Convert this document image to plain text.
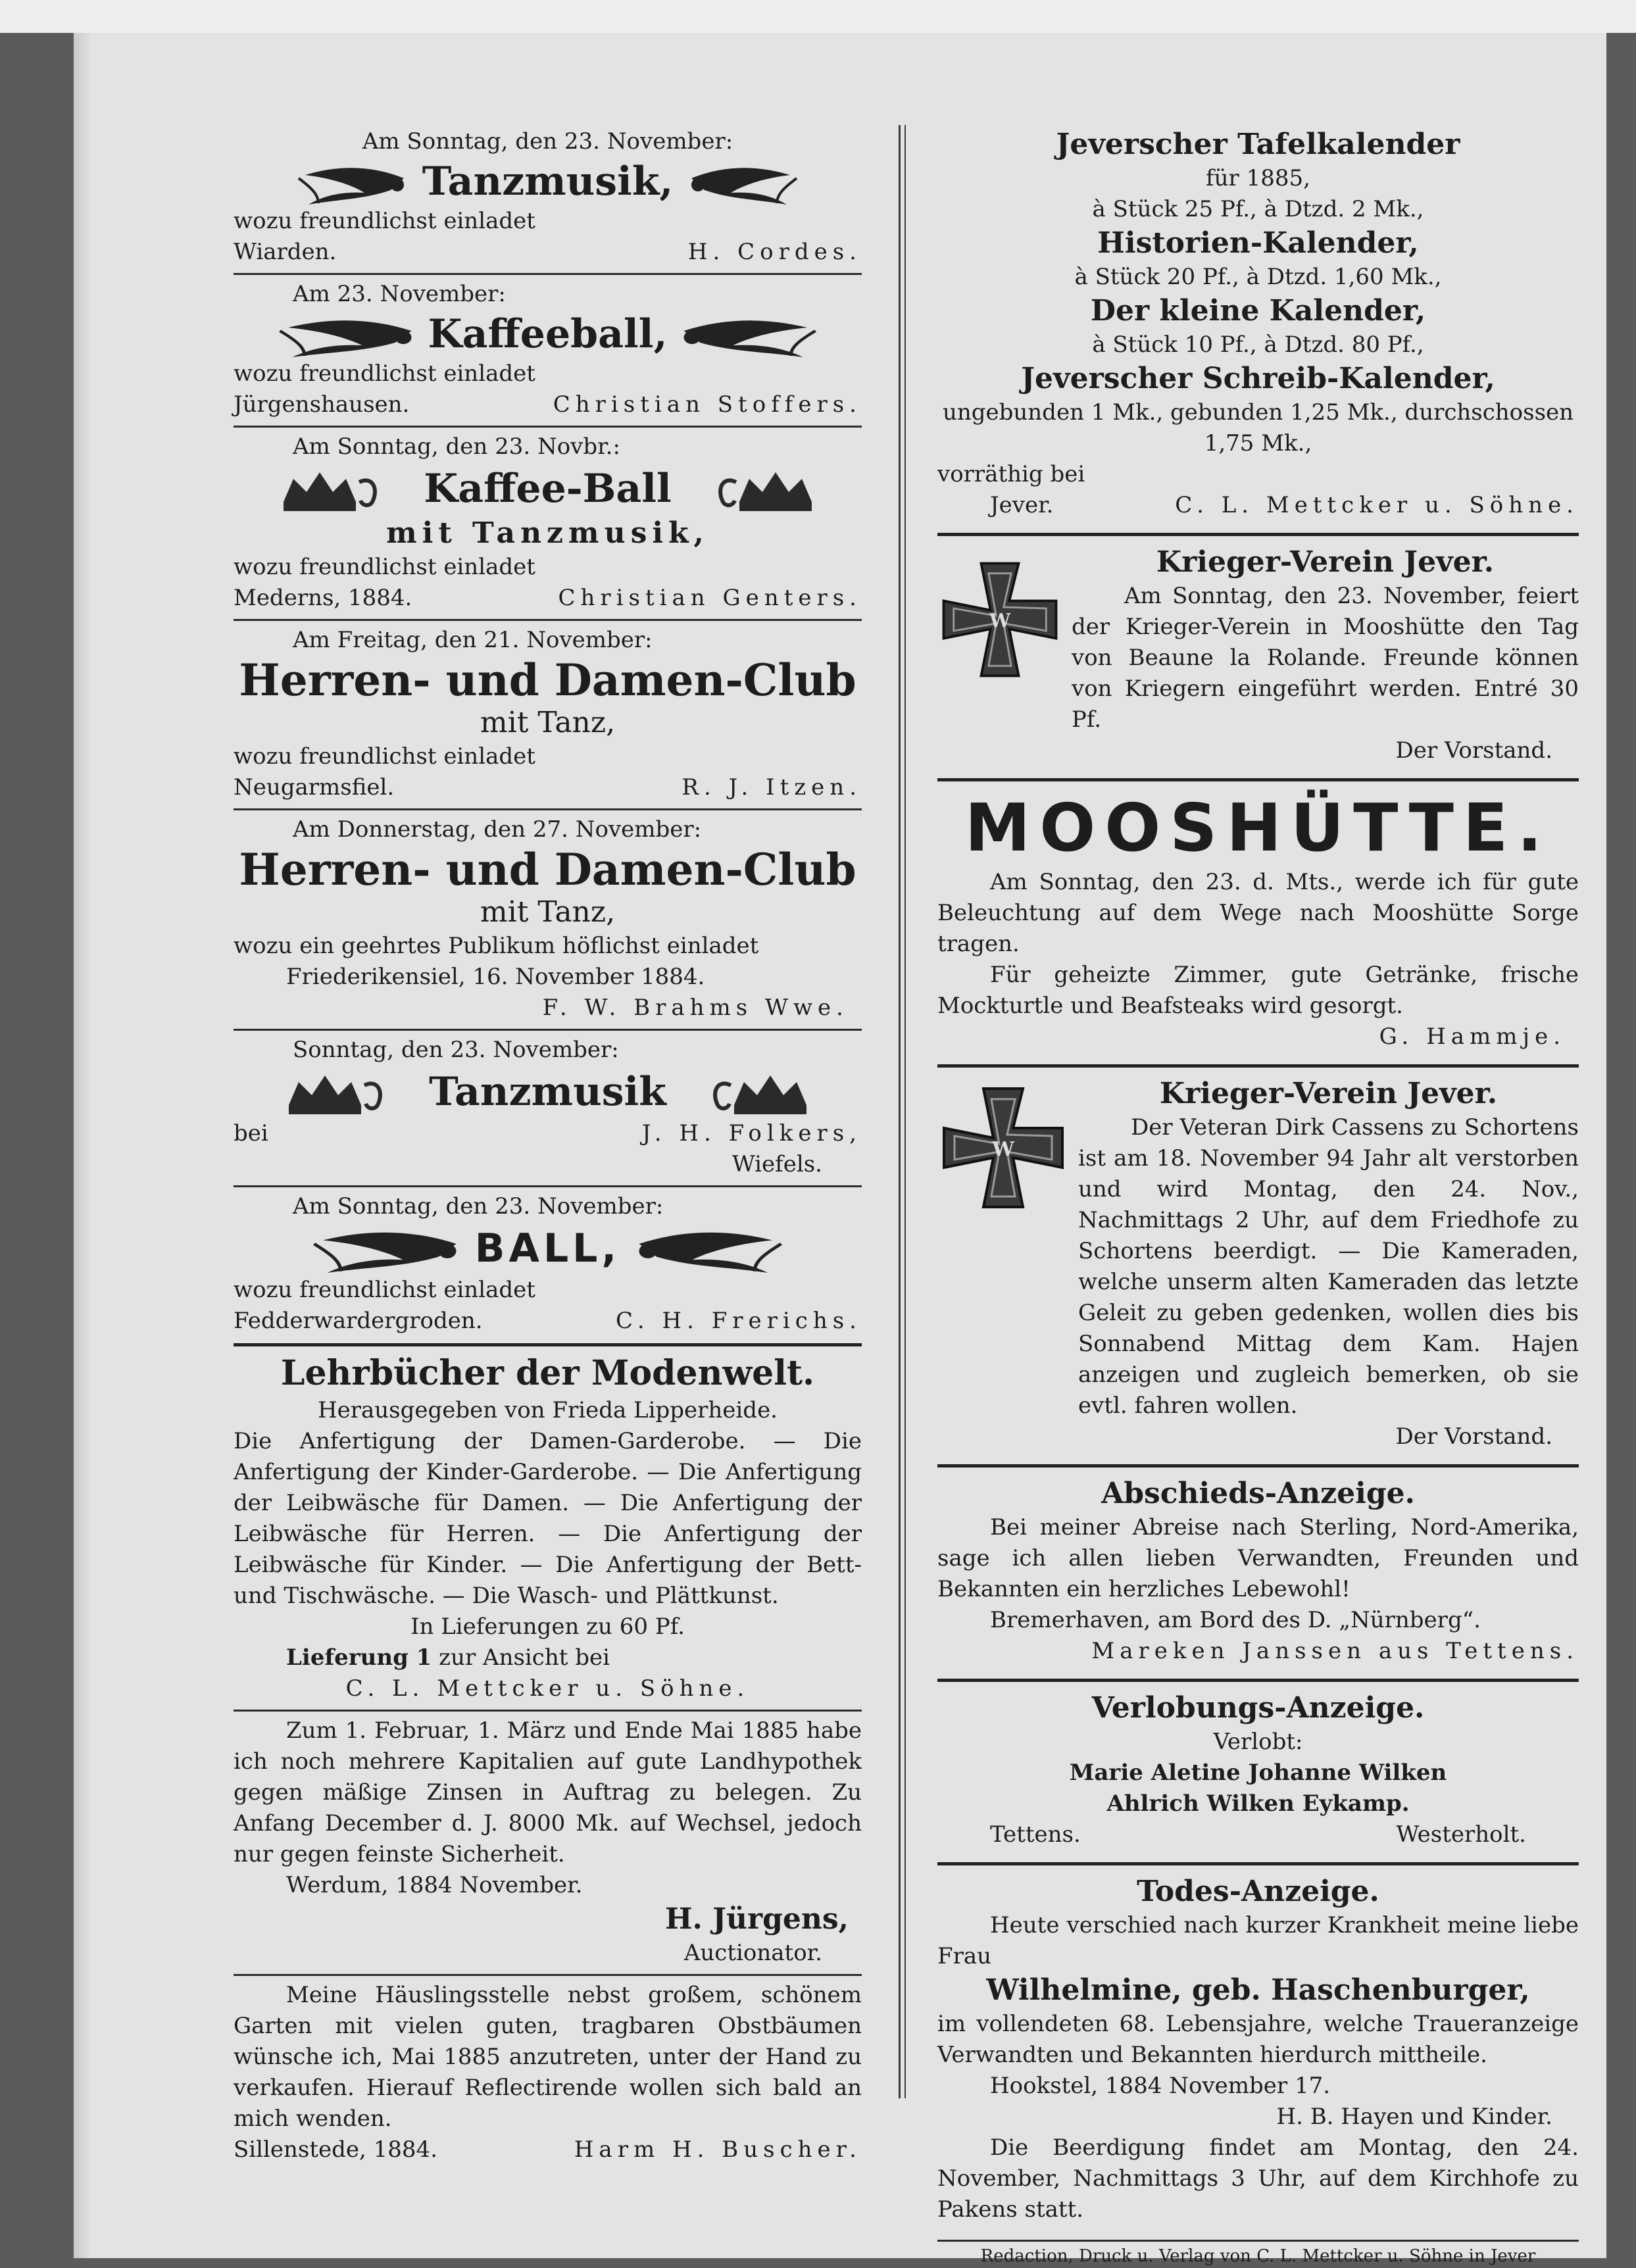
Am Sonntag, den 23. November:
Tanzmusik,
wozu freundlichst einladet
Wiarden.	H. Cordes.
Am 23. November:
Kaffeeball,
wozu freundlichst einladet
Jürgenshausen.	Christian Stoffers.
Am Sonntag, den 23. Novbr.:
Kaffee-Ball
mit Tanzmusik,
wozu freundlichst einladet
Mederns, 1884.	Christian Genters.
Am Freitag, den 21. November:
Herren- und Damen-Club
mit Tanz,
wozu freundlichst einladet
Neugarmsfiel.	R. J. Itzen.
Am Donnerstag, den 27. November:
Herren- und Damen-Club
mit Tanz,
wozu ein geehrtes Publikum höflichst einladet
Friederikensiel, 16. November 1884.
F. W. Brahms Wwe.
Sonntag, den 23. November:
Tanzmusik
bei	J. H. Folkers,
Wiefels.
Am Sonntag, den 23. November:
BALL,
wozu freundlichst einladet
Fedderwardergroden.	C. H. Frerichs.
Lehrbücher der Modenwelt.
Herausgegeben von Frieda Lipperheide.
Die Anfertigung der Damen-Garderobe. — Die Anfertigung der Kinder-Garderobe. — Die Anfertigung der Leibwäsche für Damen. — Die Anfertigung der Leibwäsche für Herren. — Die Anfertigung der Leibwäsche für Kinder. — Die Anfertigung der Bett- und Tischwäsche. — Die Wasch- und Plättkunst.
In Lieferungen zu 60 Pf.
Lieferung 1 zur Ansicht bei
C. L. Mettcker u. Söhne.
Zum 1. Februar, 1. März und Ende Mai 1885 habe ich noch mehrere Kapitalien auf gute Landhypothek gegen mäßige Zinsen in Auftrag zu belegen. Zu Anfang December d. J. 8000 Mk. auf Wechsel, jedoch nur gegen feinste Sicherheit.
Werdum, 1884 November.
H. Jürgens,
Auctionator.
Meine Häuslingsstelle nebst großem, schönem Garten mit vielen guten, tragbaren Obstbäumen wünsche ich, Mai 1885 anzutreten, unter der Hand zu verkaufen. Hierauf Reflectirende wollen sich bald an mich wenden.
Sillenstede, 1884.	Harm H. Buscher.
Jeverscher Tafelkalender
für 1885,
à Stück 25 Pf., à Dtzd. 2 Mk.,
Historien-Kalender,
à Stück 20 Pf., à Dtzd. 1,60 Mk.,
Der kleine Kalender,
à Stück 10 Pf., à Dtzd. 80 Pf.,
Jeverscher Schreib-Kalender,
ungebunden 1 Mk., gebunden 1,25 Mk., durchschossen
1,75 Mk.,
vorräthig bei
Jever.	C. L. Mettcker u. Söhne.
Krieger-Verein Jever.
Am Sonntag, den 23. November, feiert der Krieger-Verein in Mooshütte den Tag von Beaune la Rolande. Freunde können von Kriegern eingeführt werden. Entré 30 Pf.
Der Vorstand.
MOOSHÜTTE.
Am Sonntag, den 23. d. Mts., werde ich für gute Beleuchtung auf dem Wege nach Mooshütte Sorge tragen.
Für geheizte Zimmer, gute Getränke, frische Mockturtle und Beafsteaks wird gesorgt.
G. Hammje.
Krieger-Verein Jever.
Der Veteran Dirk Cassens zu Schortens ist am 18. November 94 Jahr alt verstorben und wird Montag, den 24. Nov., Nachmittags 2 Uhr, auf dem Friedhofe zu Schortens beerdigt. — Die Kameraden, welche unserm alten Kameraden das letzte Geleit zu geben gedenken, wollen dies bis Sonnabend Mittag dem Kam. Hajen anzeigen und zugleich bemerken, ob sie evtl. fahren wollen.
Der Vorstand.
Abschieds-Anzeige.
Bei meiner Abreise nach Sterling, Nord-Amerika, sage ich allen lieben Verwandten, Freunden und Bekannten ein herzliches Lebewohl!
Bremerhaven, am Bord des D. „Nürnberg“.
Mareken Janssen aus Tettens.
Verlobungs-Anzeige.
Verlobt:
Marie Aletine Johanne Wilken
Ahlrich Wilken Eykamp.
Tettens.	Westerholt.
Todes-Anzeige.
Heute verschied nach kurzer Krankheit meine liebe Frau
Wilhelmine, geb. Haschenburger,
im vollendeten 68. Lebensjahre, welche Traueranzeige Verwandten und Bekannten hierdurch mittheile.
Hookstel, 1884 November 17.
H. B. Hayen und Kinder.
Die Beerdigung findet am Montag, den 24. November, Nachmittags 3 Uhr, auf dem Kirchhofe zu Pakens statt.
Redaction, Druck u. Verlag von C. L. Mettcker u. Söhne in Jever
